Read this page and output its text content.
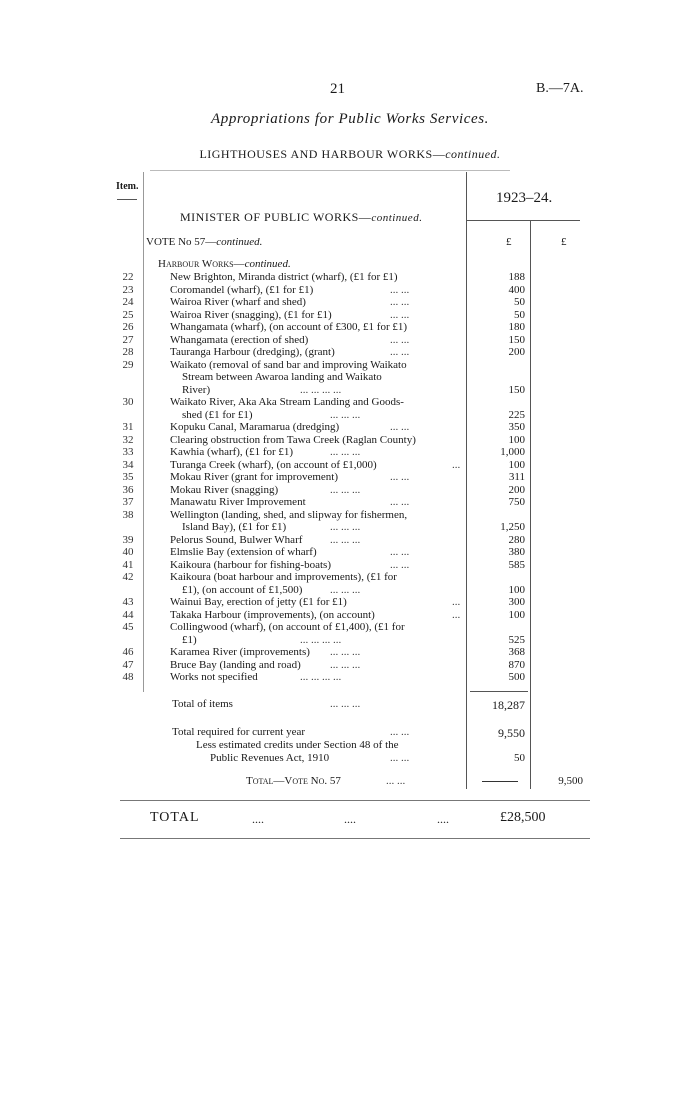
21	B.—7A.
Appropriations for Public Works Services.
LIGHTHOUSES AND HARBOUR WORKS—continued.
Item.
1923–24.
MINISTER OF PUBLIC WORKS—continued.
VOTE No 57—continued.	£	£
Harbour Works—continued.
22	New Brighton, Miranda district (wharf), (£1 for £1)	188
23	Coromandel (wharf), (£1 for £1)	... ...	400
24	Wairoa River (wharf and shed)	... ...	50
25	Wairoa River (snagging), (£1 for £1)	... ...	50
26	Whangamata (wharf), (on account of £300, £1 for £1)	180
27	Whangamata (erection of shed)	... ...	150
28	Tauranga Harbour (dredging), (grant)	... ...	200
29	Waikato (removal of sand bar and improving Waikato
Stream between Awaroa landing and Waikato
River)	... ... ... ...	150
30	Waikato River, Aka Aka Stream Landing and Goods-
shed (£1 for £1)	... ... ...	225
31	Kopuku Canal, Maramarua (dredging)	... ...	350
32	Clearing obstruction from Tawa Creek (Raglan County)	100
33	Kawhia (wharf), (£1 for £1)	... ... ...	1,000
34	Turanga Creek (wharf), (on account of £1,000)	...	100
35	Mokau River (grant for improvement)	... ...	311
36	Mokau River (snagging)	... ... ...	200
37	Manawatu River Improvement	... ...	750
38	Wellington (landing, shed, and slipway for fishermen,
Island Bay), (£1 for £1)	... ... ...	1,250
39	Pelorus Sound, Bulwer Wharf	... ... ...	280
40	Elmslie Bay (extension of wharf)	... ...	380
41	Kaikoura (harbour for fishing-boats)	... ...	585
42	Kaikoura (boat harbour and improvements), (£1 for
£1), (on account of £1,500)	... ... ...	100
43	Wainui Bay, erection of jetty (£1 for £1)	...	300
44	Takaka Harbour (improvements), (on account)	...	100
45	Collingwood (wharf), (on account of £1,400), (£1 for
£1)	... ... ... ...	525
46	Karamea River (improvements) ... ... ...	368
47	Bruce Bay (landing and road)	... ... ...	870
48	Works not specified	... ... ... ...	500
Total of items	... ... ...	18,287
Total required for current year	... ...	9,550
Less estimated credits under Section 48 of the
Public Revenues Act, 1910	... ...	50
Total—Vote No. 57	... ...	9,500
TOTAL	....	....	....	£28,500
